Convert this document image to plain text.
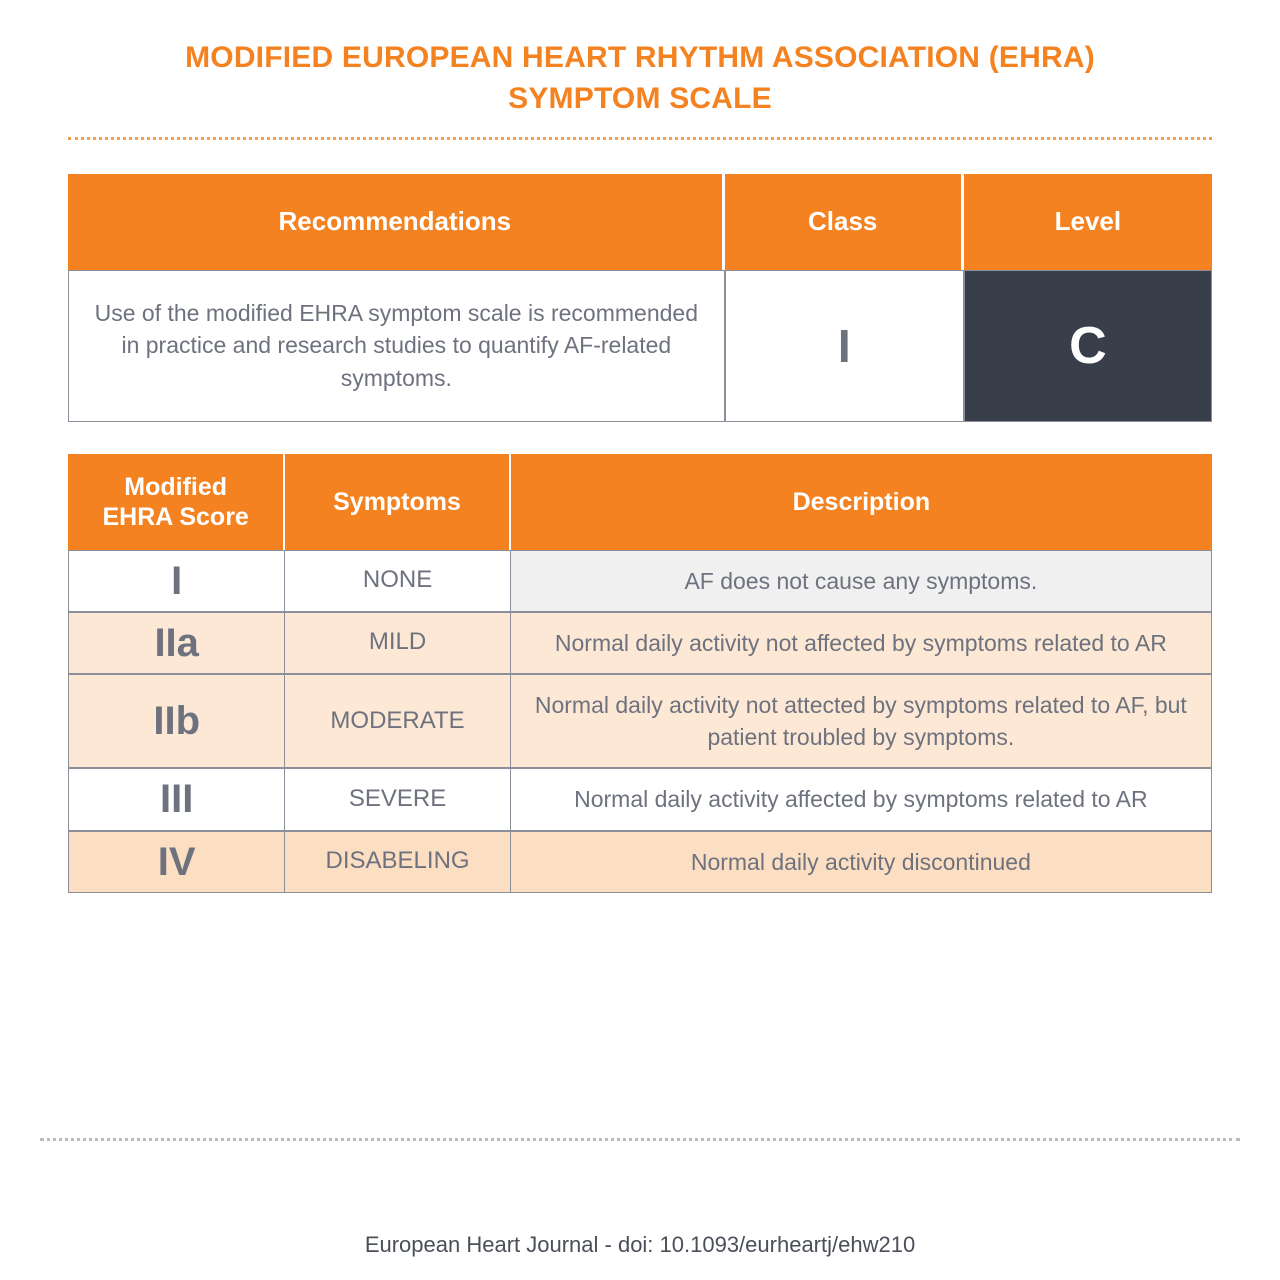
MODIFIED EUROPEAN HEART RHYTHM ASSOCIATION (EHRA)
SYMPTOM SCALE
Recommendations	Class	Level
Use of the modified EHRA symptom scale is recommended in practice and research studies to quantify AF-related symptoms.	I	C
Modified
EHRA Score	Symptoms	Description
I	NONE	AF does not cause any symptoms.
IIa	MILD	Normal daily activity not affected by symptoms related to AR
IIb	MODERATE	Normal daily activity not attected by symptoms related to AF, but patient troubled by symptoms.
III	SEVERE	Normal daily activity affected by symptoms related to AR
IV	DISABELING	Normal daily activity discontinued
European Heart Journal - doi: 10.1093/eurheartj/ehw210
